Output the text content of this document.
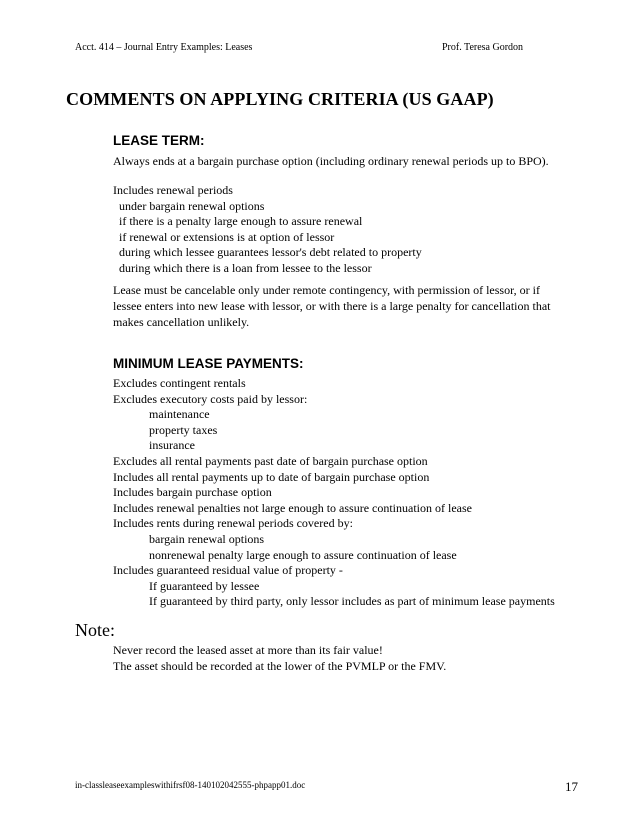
Acct. 414 – Journal Entry Examples: Leases	Prof. Teresa Gordon
COMMENTS ON APPLYING CRITERIA (US GAAP)
LEASE TERM:
Always ends at a bargain purchase option (including ordinary renewal periods up to BPO).
Includes renewal periods
under bargain renewal options
if there is a penalty large enough to assure renewal
if renewal or extensions is at option of lessor
during which lessee guarantees lessor's debt related to property
during which there is a loan from lessee to the lessor
Lease must be cancelable only under remote contingency, with permission of lessor, or if
lessee enters into new lease with lessor, or with there is a large penalty for cancellation that
makes cancellation unlikely.
MINIMUM LEASE PAYMENTS:
Excludes contingent rentals
Excludes executory costs paid by lessor:
maintenance
property taxes
insurance
Excludes all rental payments past date of bargain purchase option
Includes all rental payments up to date of bargain purchase option
Includes bargain purchase option
Includes renewal penalties not large enough to assure continuation of lease
Includes rents during renewal periods covered by:
bargain renewal options
nonrenewal penalty large enough to assure continuation of lease
Includes guaranteed residual value of property -
If guaranteed by lessee
If guaranteed by third party, only lessor includes as part of minimum lease payments
Note:
Never record the leased asset at more than its fair value!
The asset should be recorded at the lower of the PVMLP or the FMV.
in-classleaseexampleswithifrsf08-140102042555-phpapp01.doc	17
